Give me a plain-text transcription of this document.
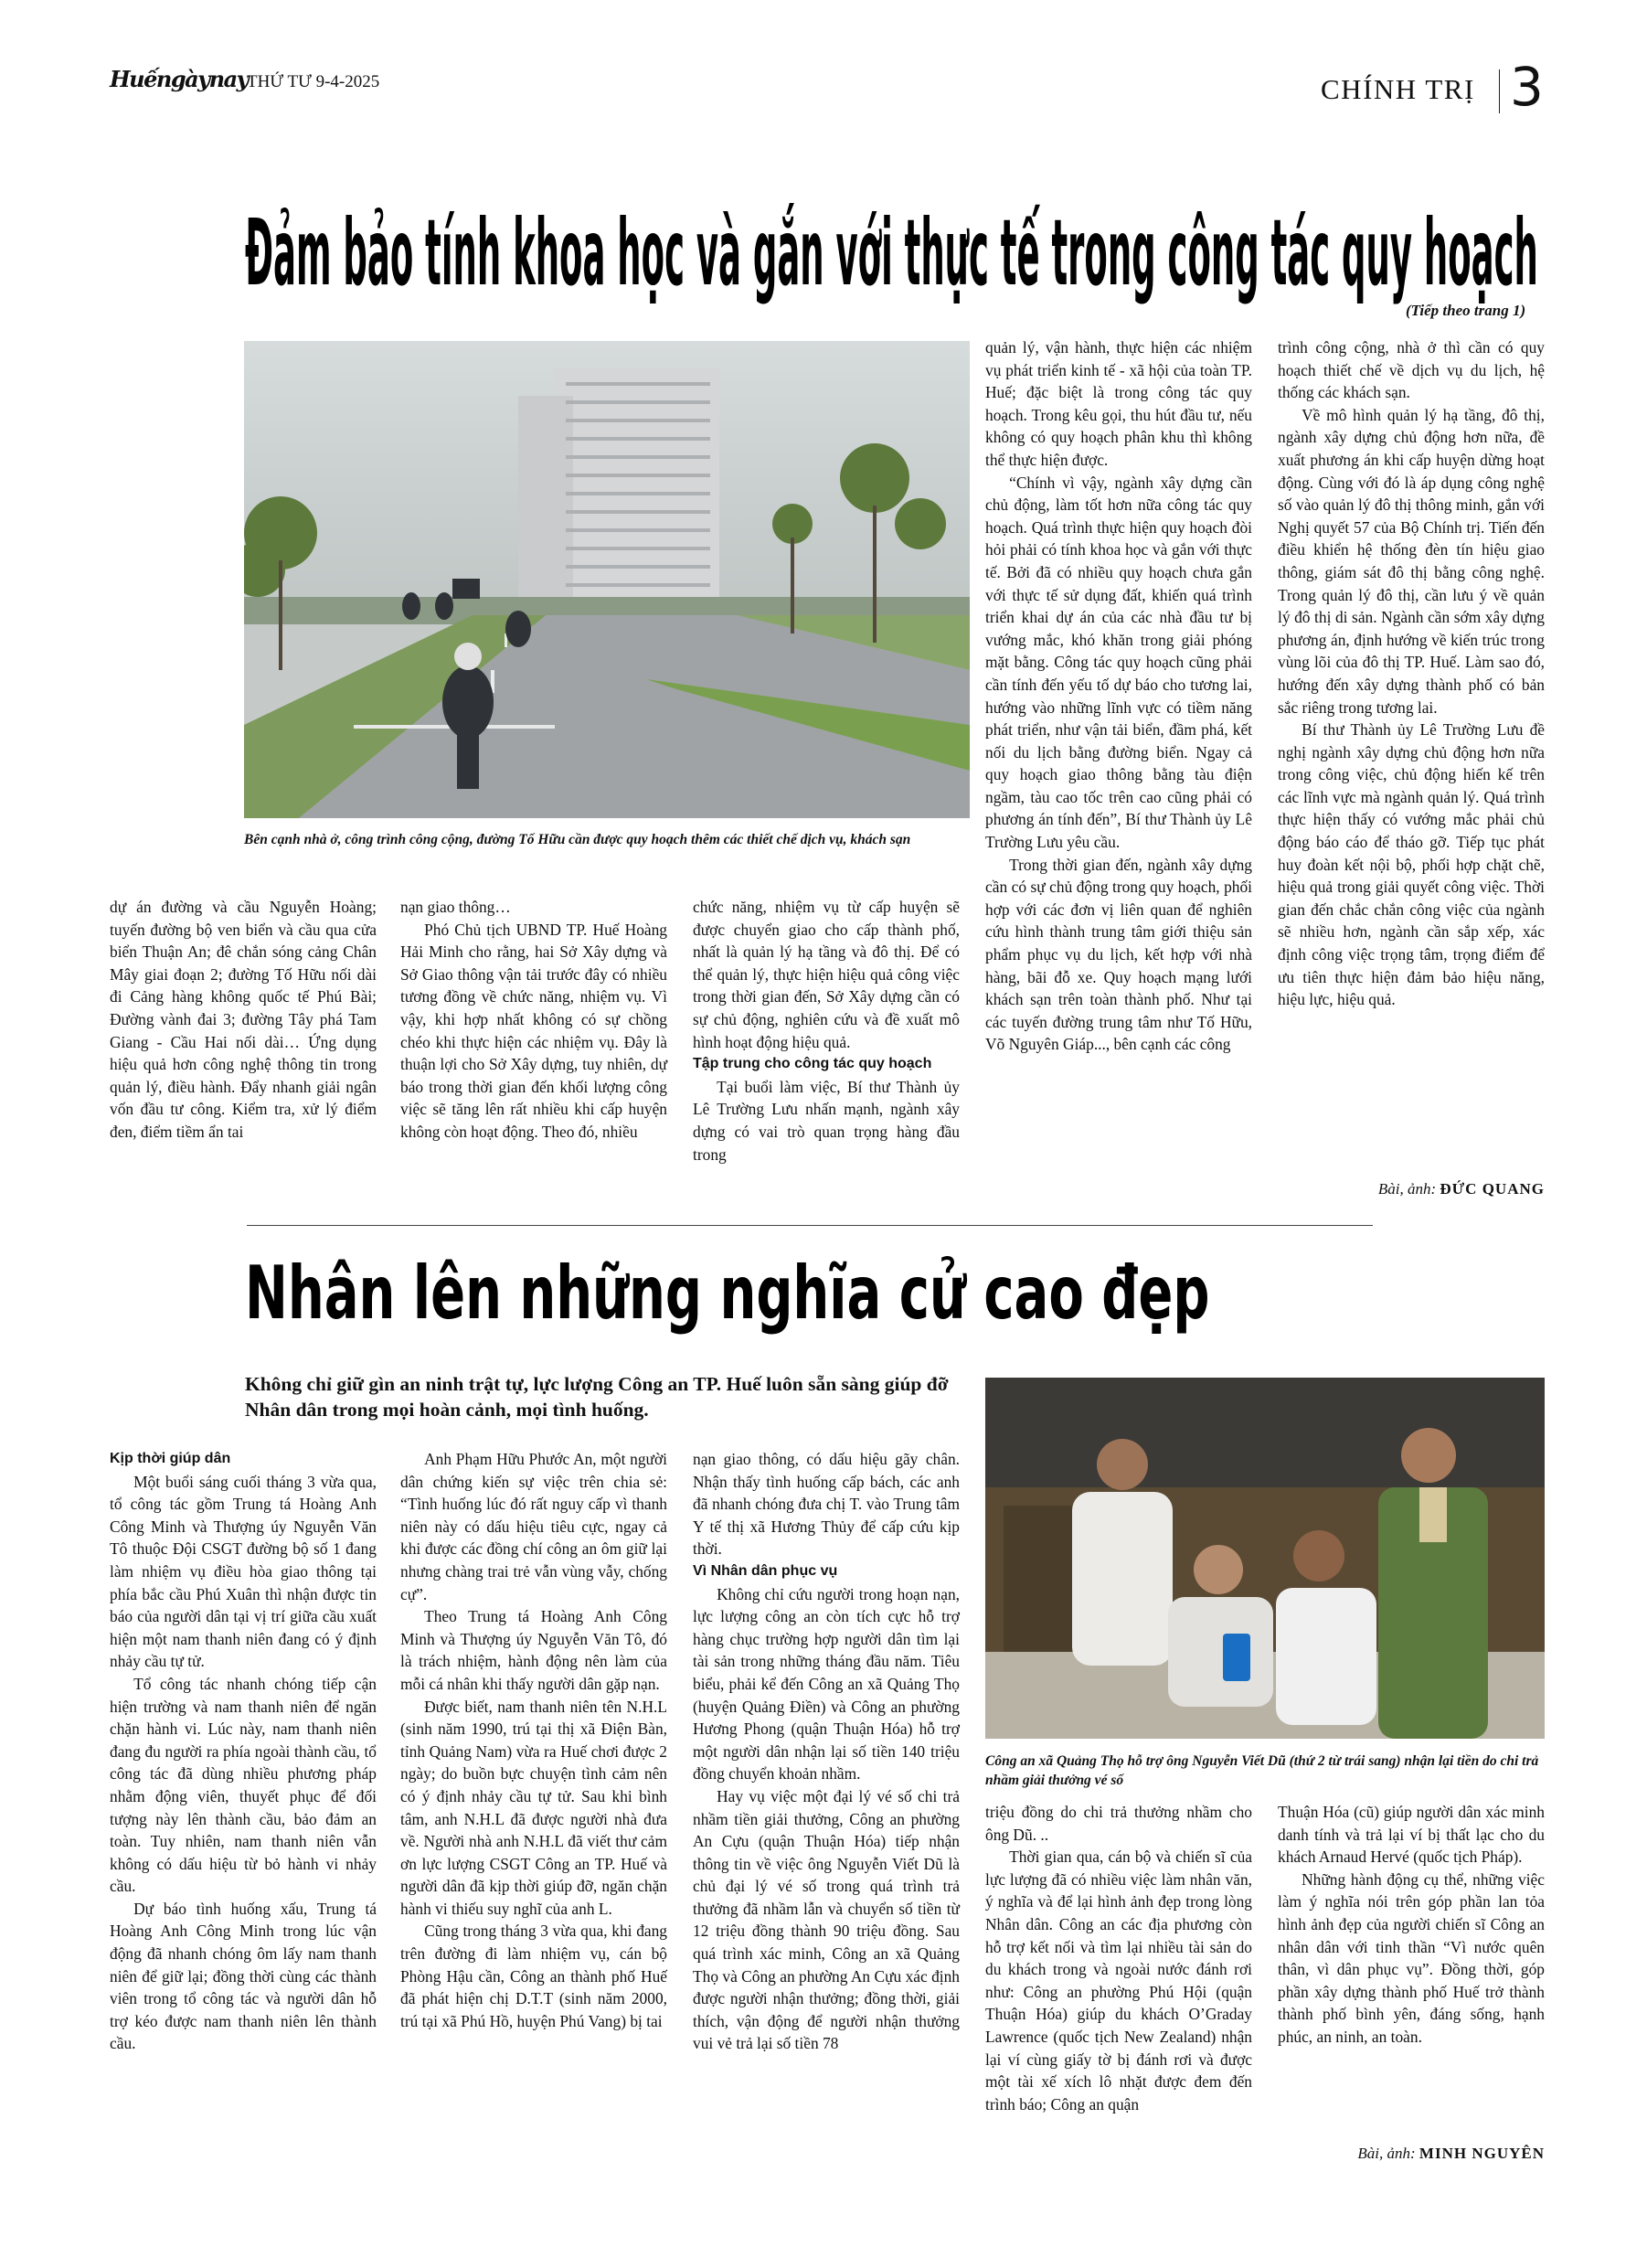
Huếngàynay
THỨ TƯ 9-4-2025	CHÍNH TRỊ 3
Đảm bảo tính khoa học và gắn với thực tế trong công tác quy hoạch
(Tiếp theo trang 1)
Bên cạnh nhà ở, công trình công cộng, đường Tố Hữu cần được quy hoạch thêm các thiết chế dịch vụ, khách sạn

dự án đường và cầu Nguyễn Hoàng; tuyến đường bộ ven biển và cầu qua cửa biển Thuận An; đê chắn sóng cảng Chân Mây giai đoạn 2; đường Tố Hữu nối dài đi Cảng hàng không quốc tế Phú Bài; Đường vành đai 3; đường Tây phá Tam Giang - Cầu Hai nối dài… Ứng dụng hiệu quả hơn công nghệ thông tin trong quản lý, điều hành. Đẩy nhanh giải ngân vốn đầu tư công. Kiểm tra, xử lý điểm đen, điểm tiềm ẩn tai

nạn giao thông…

Phó Chủ tịch UBND TP. Huế Hoàng Hải Minh cho rằng, hai Sở Xây dựng và Sở Giao thông vận tải trước đây có nhiều tương đồng về chức năng, nhiệm vụ. Vì vậy, khi hợp nhất không có sự chồng chéo khi thực hiện các nhiệm vụ. Đây là thuận lợi cho Sở Xây dựng, tuy nhiên, dự báo trong thời gian đến khối lượng công việc sẽ tăng lên rất nhiều khi cấp huyện không còn hoạt động. Theo đó, nhiều

chức năng, nhiệm vụ từ cấp huyện sẽ được chuyển giao cho cấp thành phố, nhất là quản lý hạ tầng và đô thị. Để có thể quản lý, thực hiện hiệu quả công việc trong thời gian đến, Sở Xây dựng cần có sự chủ động, nghiên cứu và đề xuất mô hình hoạt động hiệu quả.

Tập trung cho công tác quy hoạch

Tại buổi làm việc, Bí thư Thành ủy Lê Trường Lưu nhấn mạnh, ngành xây dựng có vai trò quan trọng hàng đầu trong

quản lý, vận hành, thực hiện các nhiệm vụ phát triển kinh tế - xã hội của toàn TP. Huế; đặc biệt là trong công tác quy hoạch. Trong kêu gọi, thu hút đầu tư, nếu không có quy hoạch phân khu thì không thể thực hiện được.

“Chính vì vậy, ngành xây dựng cần chủ động, làm tốt hơn nữa công tác quy hoạch. Quá trình thực hiện quy hoạch đòi hỏi phải có tính khoa học và gắn với thực tế. Bởi đã có nhiều quy hoạch chưa gắn với thực tế sử dụng đất, khiến quá trình triển khai dự án của các nhà đầu tư bị vướng mắc, khó khăn trong giải phóng mặt bằng. Công tác quy hoạch cũng phải cần tính đến yếu tố dự báo cho tương lai, hướng vào những lĩnh vực có tiềm năng phát triển, như vận tải biển, đầm phá, kết nối du lịch bằng đường biển. Ngay cả quy hoạch giao thông bằng tàu điện ngầm, tàu cao tốc trên cao cũng phải có phương án tính đến”, Bí thư Thành ủy Lê Trường Lưu yêu cầu.

Trong thời gian đến, ngành xây dựng cần có sự chủ động trong quy hoạch, phối hợp với các đơn vị liên quan để nghiên cứu hình thành trung tâm giới thiệu sản phẩm phục vụ du lịch, kết hợp với nhà hàng, bãi đỗ xe. Quy hoạch mạng lưới khách sạn trên toàn thành phố. Như tại các tuyến đường trung tâm như Tố Hữu, Võ Nguyên Giáp..., bên cạnh các công

trình công cộng, nhà ở thì cần có quy hoạch thiết chế về dịch vụ du lịch, hệ thống các khách sạn.

Về mô hình quản lý hạ tầng, đô thị, ngành xây dựng chủ động hơn nữa, đề xuất phương án khi cấp huyện dừng hoạt động. Cùng với đó là áp dụng công nghệ số vào quản lý đô thị thông minh, gắn với Nghị quyết 57 của Bộ Chính trị. Tiến đến điều khiển hệ thống đèn tín hiệu giao thông, giám sát đô thị bằng công nghệ. Trong quản lý đô thị, cần lưu ý về quản lý đô thị di sản. Ngành cần sớm xây dựng phương án, định hướng về kiến trúc trong vùng lõi của đô thị TP. Huế. Làm sao đó, hướng đến xây dựng thành phố có bản sắc riêng trong tương lai.

Bí thư Thành ủy Lê Trường Lưu đề nghị ngành xây dựng chủ động hơn nữa trong công việc, chủ động hiến kế trên các lĩnh vực mà ngành quản lý. Quá trình thực hiện thấy có vướng mắc phải chủ động báo cáo để tháo gỡ. Tiếp tục phát huy đoàn kết nội bộ, phối hợp chặt chẽ, hiệu quả trong giải quyết công việc. Thời gian đến chắc chắn công việc của ngành sẽ nhiều hơn, ngành cần sắp xếp, xác định công việc trọng tâm, trọng điểm để ưu tiên thực hiện đảm bảo hiệu năng, hiệu lực, hiệu quả.

Bài, ảnh: ĐỨC QUANG
Nhân lên những nghĩa cử cao đẹp
Không chỉ giữ gìn an ninh trật tự, lực lượng Công an TP. Huế luôn sẵn sàng giúp đỡ Nhân dân trong mọi hoàn cảnh, mọi tình huống.
Công an xã Quảng Thọ hỗ trợ ông Nguyễn Viết Dũ (thứ 2 từ trái sang) nhận lại tiền do chi trả nhầm giải thưởng vé số

Kịp thời giúp dân

Một buổi sáng cuối tháng 3 vừa qua, tổ công tác gồm Trung tá Hoàng Anh Công Minh và Thượng úy Nguyễn Văn Tô thuộc Đội CSGT đường bộ số 1 đang làm nhiệm vụ điều hòa giao thông tại phía bắc cầu Phú Xuân thì nhận được tin báo của người dân tại vị trí giữa cầu xuất hiện một nam thanh niên đang có ý định nhảy cầu tự tử.

Tổ công tác nhanh chóng tiếp cận hiện trường và nam thanh niên để ngăn chặn hành vi. Lúc này, nam thanh niên đang đu người ra phía ngoài thành cầu, tổ công tác đã dùng nhiều phương pháp nhằm động viên, thuyết phục để đối tượng này lên thành cầu, bảo đảm an toàn. Tuy nhiên, nam thanh niên vẫn không có dấu hiệu từ bỏ hành vi nhảy cầu.

Dự báo tình huống xấu, Trung tá Hoàng Anh Công Minh trong lúc vận động đã nhanh chóng ôm lấy nam thanh niên để giữ lại; đồng thời cùng các thành viên trong tổ công tác và người dân hỗ trợ kéo được nam thanh niên lên thành cầu.

Anh Phạm Hữu Phước An, một người dân chứng kiến sự việc trên chia sẻ: “Tình huống lúc đó rất nguy cấp vì thanh niên này có dấu hiệu tiêu cực, ngay cả khi được các đồng chí công an ôm giữ lại nhưng chàng trai trẻ vẫn vùng vẫy, chống cự”.

Theo Trung tá Hoàng Anh Công Minh và Thượng úy Nguyễn Văn Tô, đó là trách nhiệm, hành động nên làm của mỗi cá nhân khi thấy người dân gặp nạn.

Được biết, nam thanh niên tên N.H.L (sinh năm 1990, trú tại thị xã Điện Bàn, tỉnh Quảng Nam) vừa ra Huế chơi được 2 ngày; do buồn bực chuyện tình cảm nên có ý định nhảy cầu tự tử. Sau khi bình tâm, anh N.H.L đã được người nhà đưa về. Người nhà anh N.H.L đã viết thư cảm ơn lực lượng CSGT Công an TP. Huế và người dân đã kịp thời giúp đỡ, ngăn chặn hành vi thiếu suy nghĩ của anh L.

Cũng trong tháng 3 vừa qua, khi đang trên đường đi làm nhiệm vụ, cán bộ Phòng Hậu cần, Công an thành phố Huế đã phát hiện chị D.T.T (sinh năm 2000, trú tại xã Phú Hồ, huyện Phú Vang) bị tai

nạn giao thông, có dấu hiệu gãy chân. Nhận thấy tình huống cấp bách, các anh đã nhanh chóng đưa chị T. vào Trung tâm Y tế thị xã Hương Thủy để cấp cứu kịp thời.

Vì Nhân dân phục vụ

Không chỉ cứu người trong hoạn nạn, lực lượng công an còn tích cực hỗ trợ hàng chục trường hợp người dân tìm lại tài sản trong những tháng đầu năm. Tiêu biểu, phải kể đến Công an xã Quảng Thọ (huyện Quảng Điền) và Công an phường Hương Phong (quận Thuận Hóa) hỗ trợ một người dân nhận lại số tiền 140 triệu đồng chuyển khoản nhầm.

Hay vụ việc một đại lý vé số chi trả nhầm tiền giải thưởng, Công an phường An Cựu (quận Thuận Hóa) tiếp nhận thông tin về việc ông Nguyễn Viết Dũ là chủ đại lý vé số trong quá trình trả thưởng đã nhầm lẫn và chuyển số tiền từ 12 triệu đồng thành 90 triệu đồng. Sau quá trình xác minh, Công an xã Quảng Thọ và Công an phường An Cựu xác định được người nhận thưởng; đồng thời, giải thích, vận động để người nhận thưởng vui vẻ trả lại số tiền 78

triệu đồng do chi trả thưởng nhầm cho ông Dũ. ..

Thời gian qua, cán bộ và chiến sĩ của lực lượng đã có nhiều việc làm nhân văn, ý nghĩa và để lại hình ảnh đẹp trong lòng Nhân dân. Công an các địa phương còn hỗ trợ kết nối và tìm lại nhiều tài sản do du khách trong và ngoài nước đánh rơi như: Công an phường Phú Hội (quận Thuận Hóa) giúp du khách O’Graday Lawrence (quốc tịch New Zealand) nhận lại ví cùng giấy tờ bị đánh rơi và được một tài xế xích lô nhặt được đem đến trình báo; Công an quận

Thuận Hóa (cũ) giúp người dân xác minh danh tính và trả lại ví bị thất lạc cho du khách Arnaud Hervé (quốc tịch Pháp).

Những hành động cụ thể, những việc làm ý nghĩa nói trên góp phần lan tỏa hình ảnh đẹp của người chiến sĩ Công an nhân dân với tinh thần “Vì nước quên thân, vì dân phục vụ”. Đồng thời, góp phần xây dựng thành phố Huế trở thành thành phố bình yên, đáng sống, hạnh phúc, an ninh, an toàn.

Bài, ảnh: MINH NGUYÊN
